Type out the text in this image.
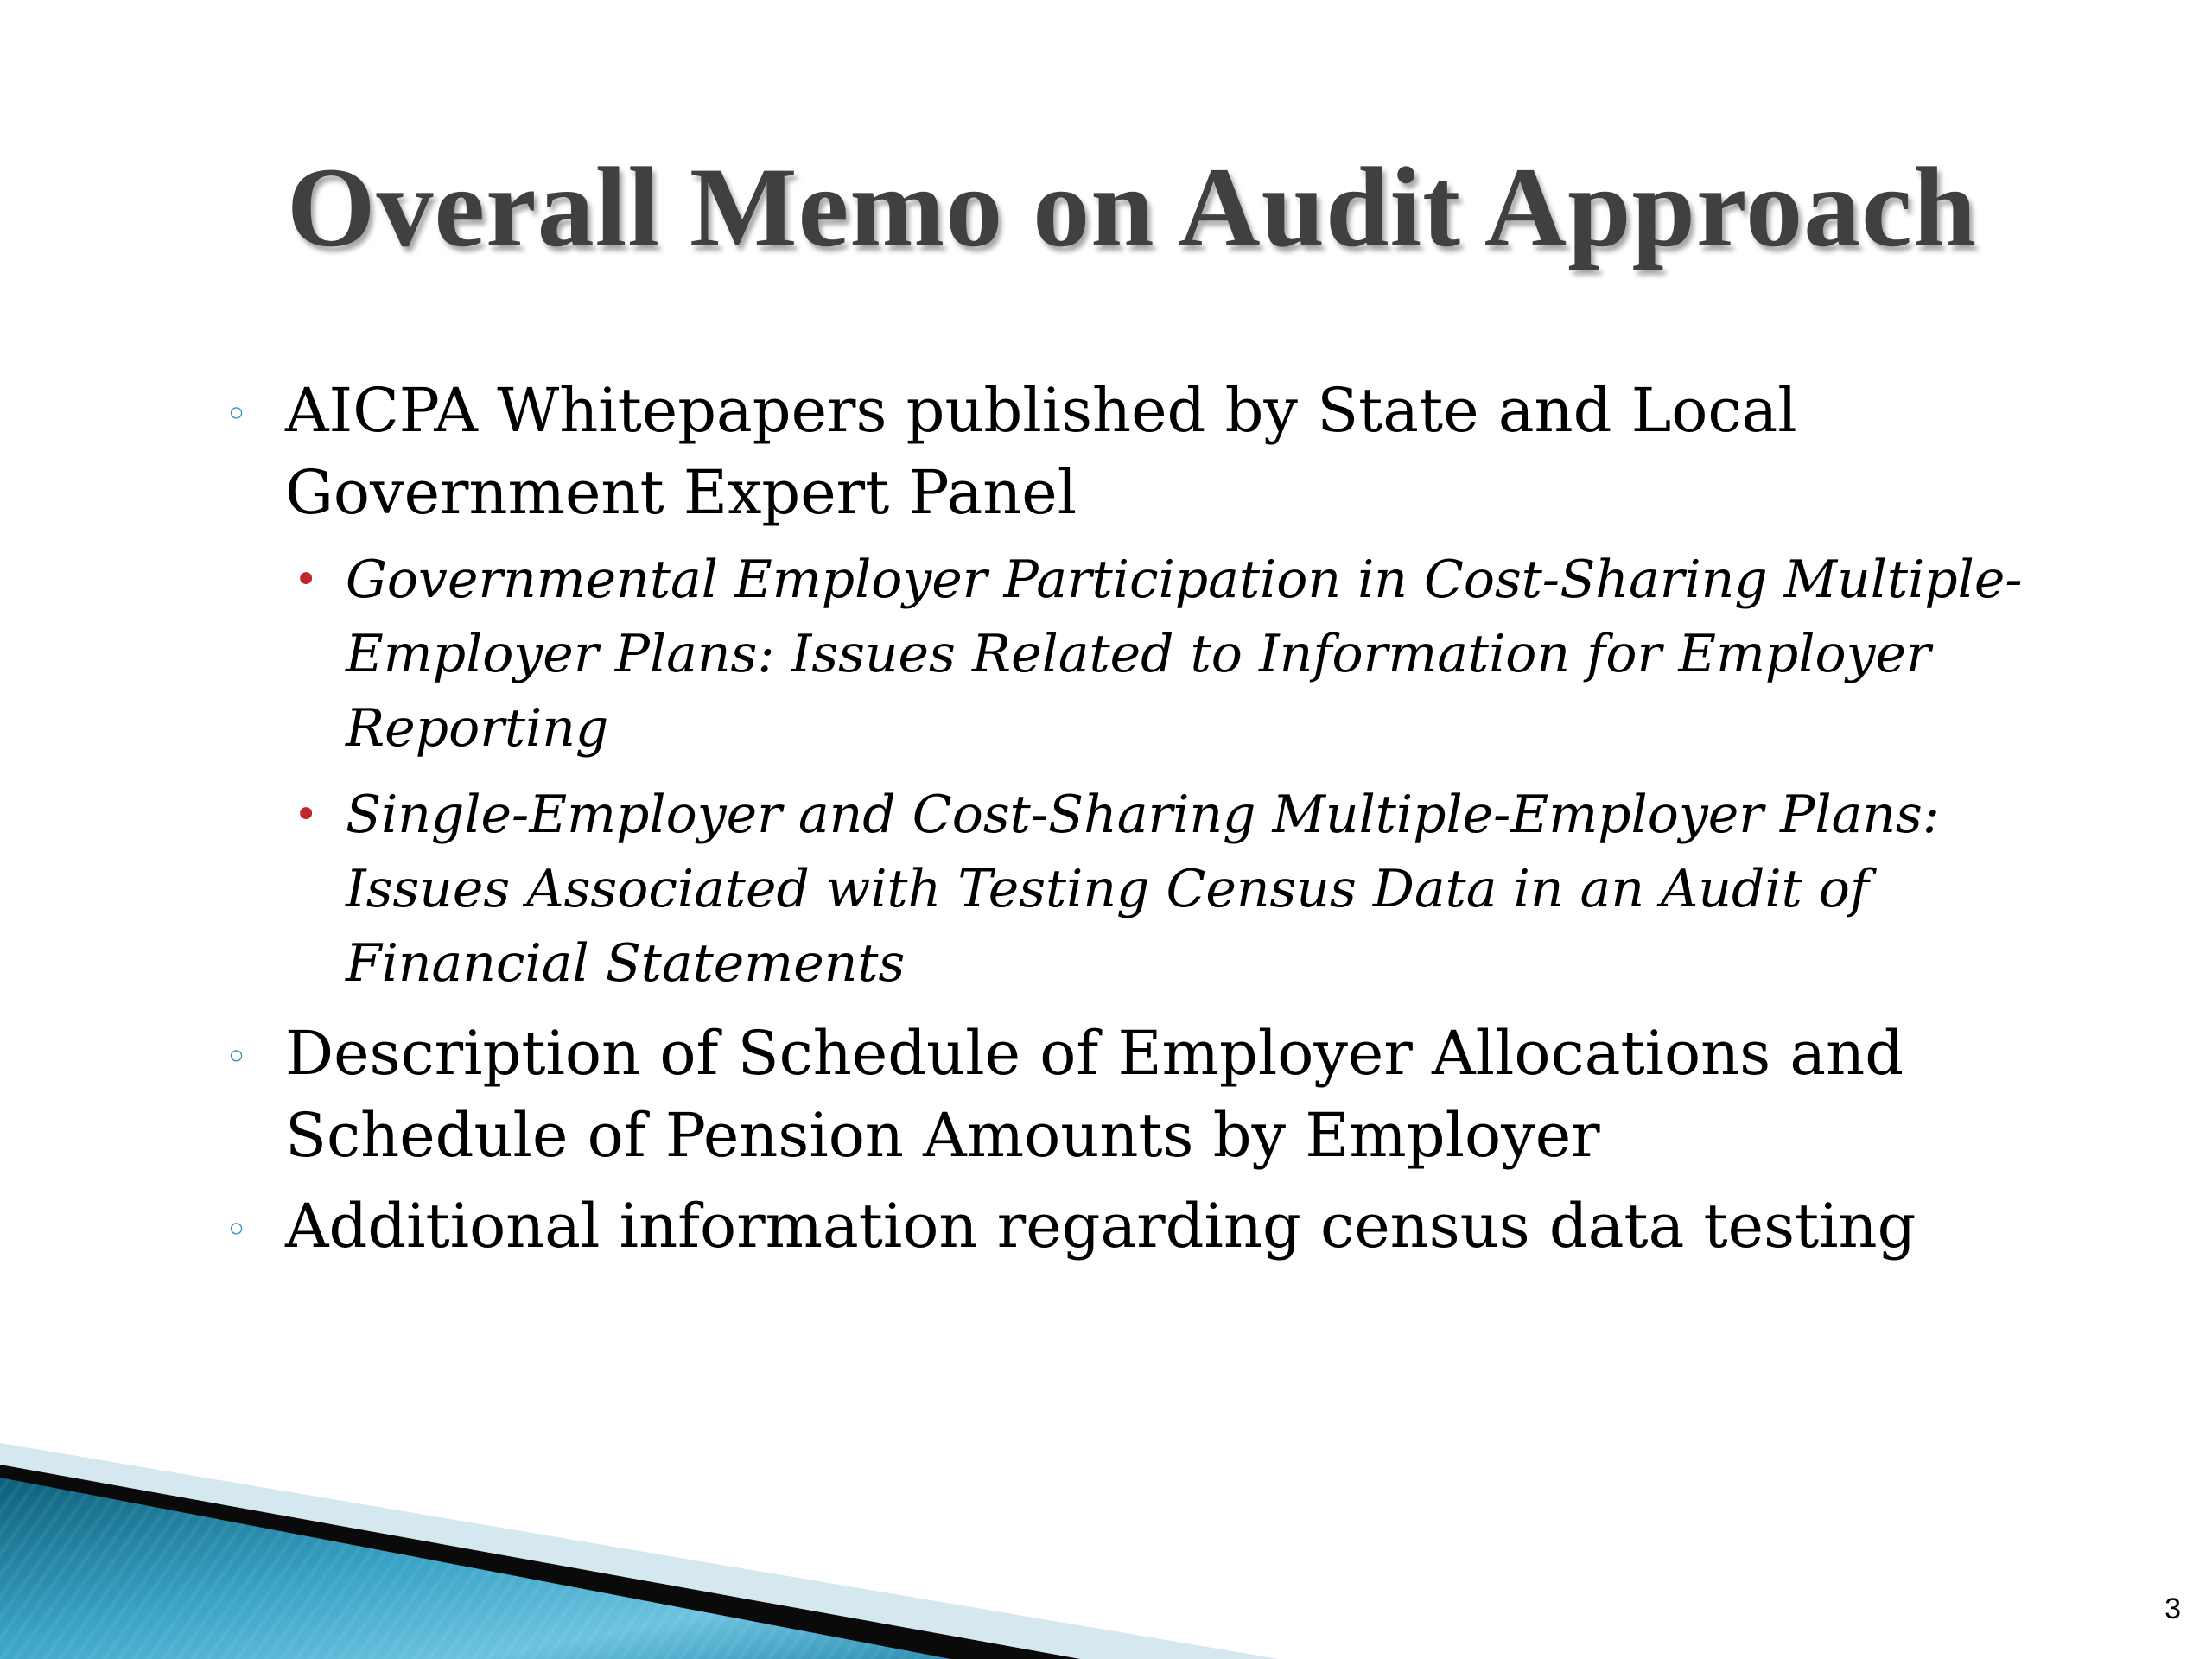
Overall Memo on Audit Approach
◦ AICPA Whitepapers published by State and Local Government Expert Panel
• Governmental Employer Participation in Cost-Sharing Multiple-Employer Plans: Issues Related to Information for Employer Reporting
• Single-Employer and Cost-Sharing Multiple-Employer Plans: Issues Associated with Testing Census Data in an Audit of Financial Statements
◦ Description of Schedule of Employer Allocations and Schedule of Pension Amounts by Employer
◦ Additional information regarding census data testing
3
